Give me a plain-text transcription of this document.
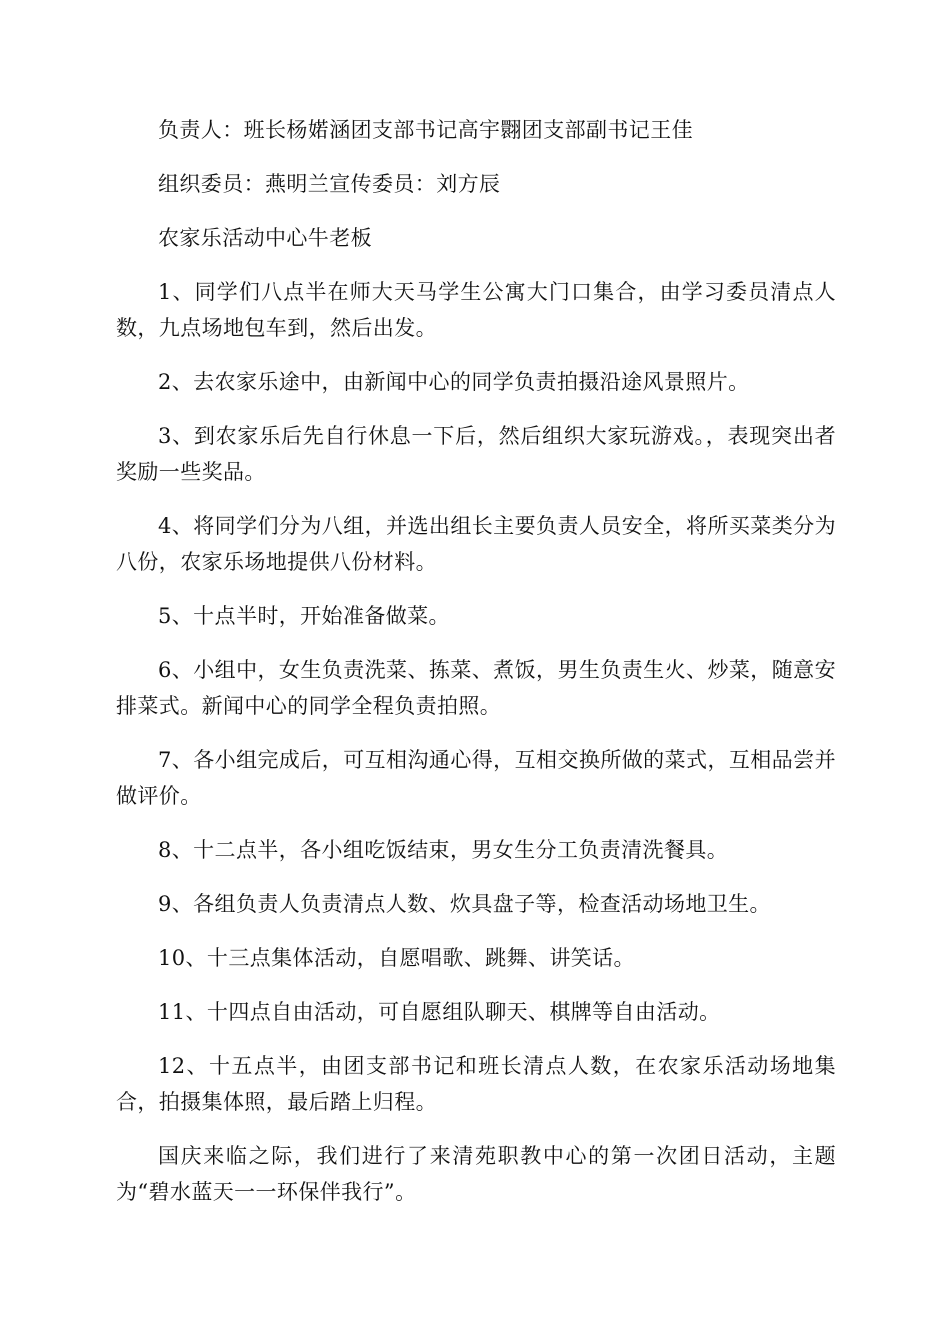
负责人：班长杨婼涵团支部书记高宇翾团支部副书记王佳

组织委员：燕明兰宣传委员：刘方辰

农家乐活动中心牛老板

1、同学们八点半在师大天马学生公寓大门口集合，由学习委员清点人数，九点场地包车到，然后出发。

2、去农家乐途中，由新闻中心的同学负责拍摄沿途风景照片。

3、到农家乐后先自行休息一下后，然后组织大家玩游戏。，表现突出者奖励一些奖品。

4、将同学们分为八组，并选出组长主要负责人员安全，将所买菜类分为八份，农家乐场地提供八份材料。

5、十点半时，开始准备做菜。

6、小组中，女生负责洗菜、拣菜、煮饭，男生负责生火、炒菜，随意安排菜式。新闻中心的同学全程负责拍照。

7、各小组完成后，可互相沟通心得，互相交换所做的菜式，互相品尝并做评价。

8、十二点半，各小组吃饭结束，男女生分工负责清洗餐具。

9、各组负责人负责清点人数、炊具盘子等，检查活动场地卫生。

10、十三点集体活动，自愿唱歌、跳舞、讲笑话。

11、十四点自由活动，可自愿组队聊天、棋牌等自由活动。

12、十五点半，由团支部书记和班长清点人数，在农家乐活动场地集合，拍摄集体照，最后踏上归程。

国庆来临之际，我们进行了来清苑职教中心的第一次团日活动，主题为“碧水蓝天一一环保伴我行”。
